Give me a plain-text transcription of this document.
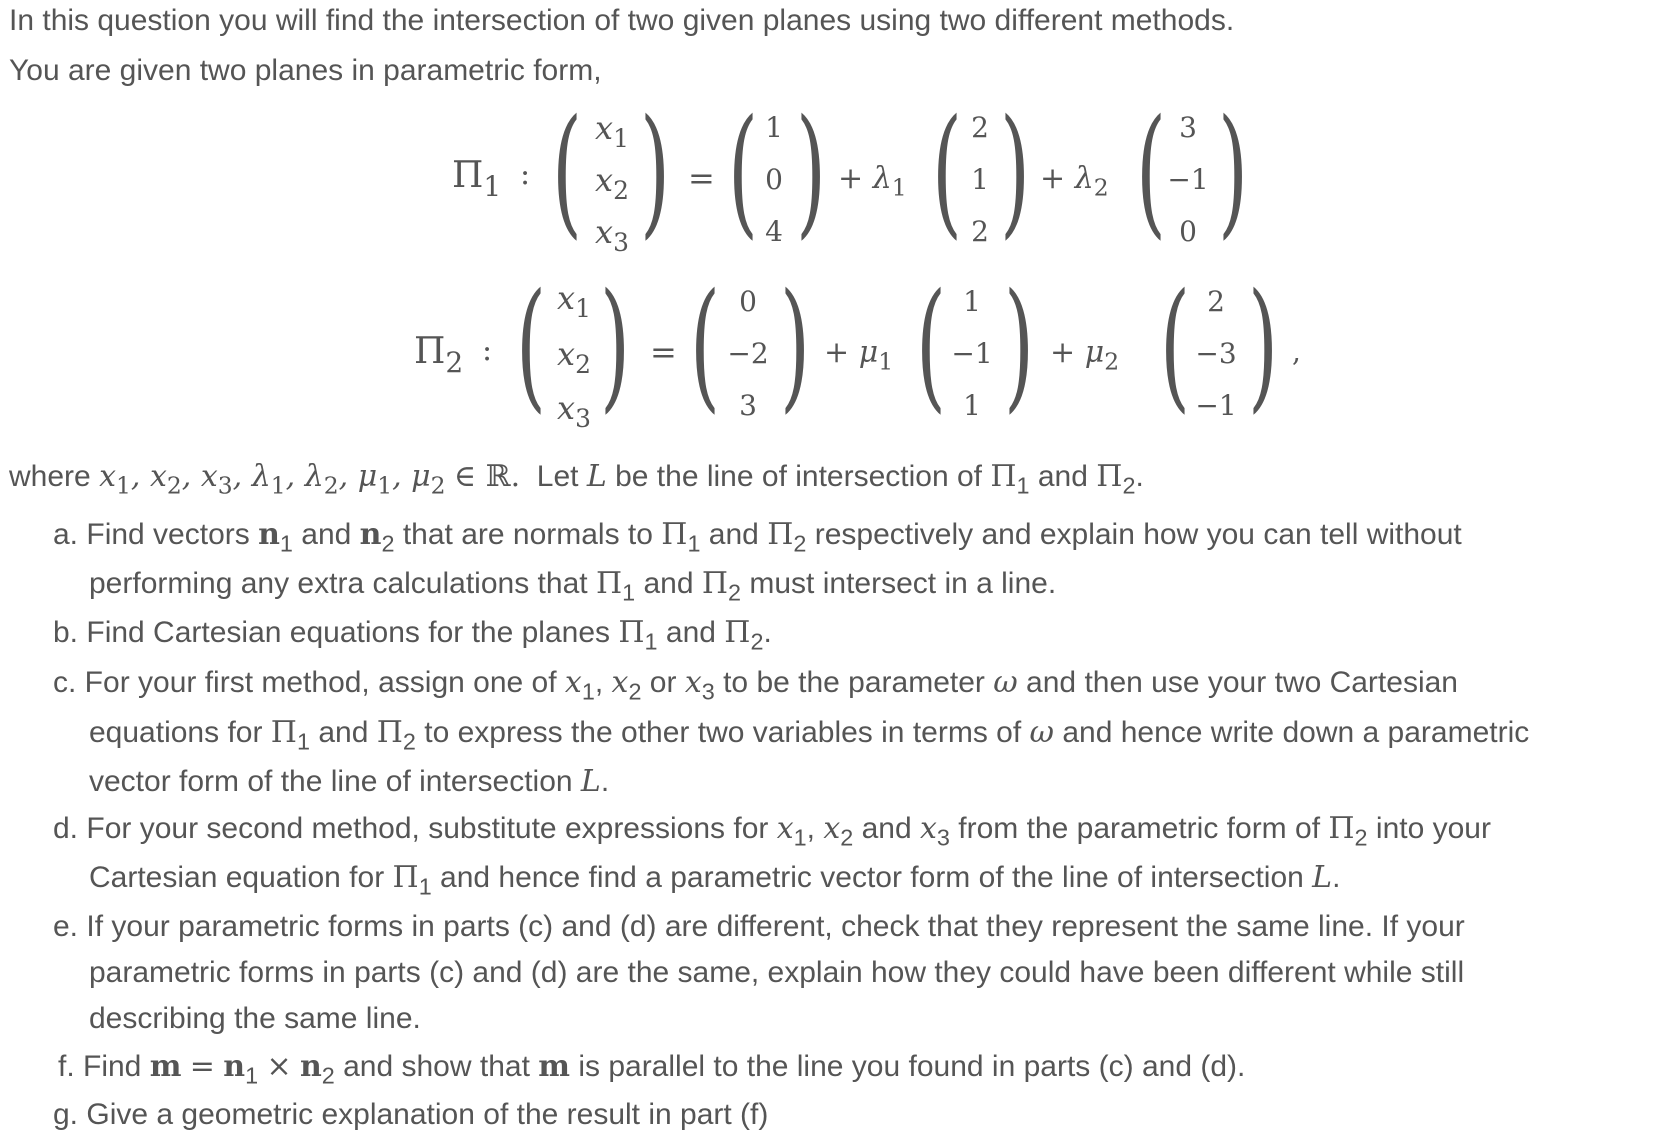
In this question you will find the intersection of two given planes using two different methods.
You are given two planes in parametric form,
$\Pi_1$ : ( $x_1$
$x_2$
$x_3$ ) = ( 1
0
4 ) + $\lambda_1$ ( 2
1
2 ) + $\lambda_2$ ( 3
−1
0 )
$\Pi_2$ : ( $x_1$
$x_2$
$x_3$ ) = ( 0
−2
3 ) + $\mu_1$ ( 1
−1
1 ) + $\mu_2$ ( 2
−3
−1 ) ,
where $x_1$, $x_2$, $x_3$, $\lambda_1$, $\lambda_2$, $\mu_1$, $\mu_2$ ∈ ℝ.  Let L be the line of intersection of $\Pi_1$ and $\Pi_2$.
a. Find vectors $n_1$ and $n_2$ that are normals to $\Pi_1$ and $\Pi_2$ respectively and explain how you can tell without
performing any extra calculations that $\Pi_1$ and $\Pi_2$ must intersect in a line.
b. Find Cartesian equations for the planes $\Pi_1$ and $\Pi_2$.
c. For your first method, assign one of $x_1$, $x_2$ or $x_3$ to be the parameter ω and then use your two Cartesian
equations for $\Pi_1$ and $\Pi_2$ to express the other two variables in terms of ω and hence write down a parametric
vector form of the line of intersection L.
d. For your second method, substitute expressions for $x_1$, $x_2$ and $x_3$ from the parametric form of $\Pi_2$ into your
Cartesian equation for $\Pi_1$ and hence find a parametric vector form of the line of intersection L.
e. If your parametric forms in parts (c) and (d) are different, check that they represent the same line. If your
parametric forms in parts (c) and (d) are the same, explain how they could have been different while still
describing the same line.
f. Find $m = n_1 \times n_2$ and show that m is parallel to the line you found in parts (c) and (d).
g. Give a geometric explanation of the result in part (f)
